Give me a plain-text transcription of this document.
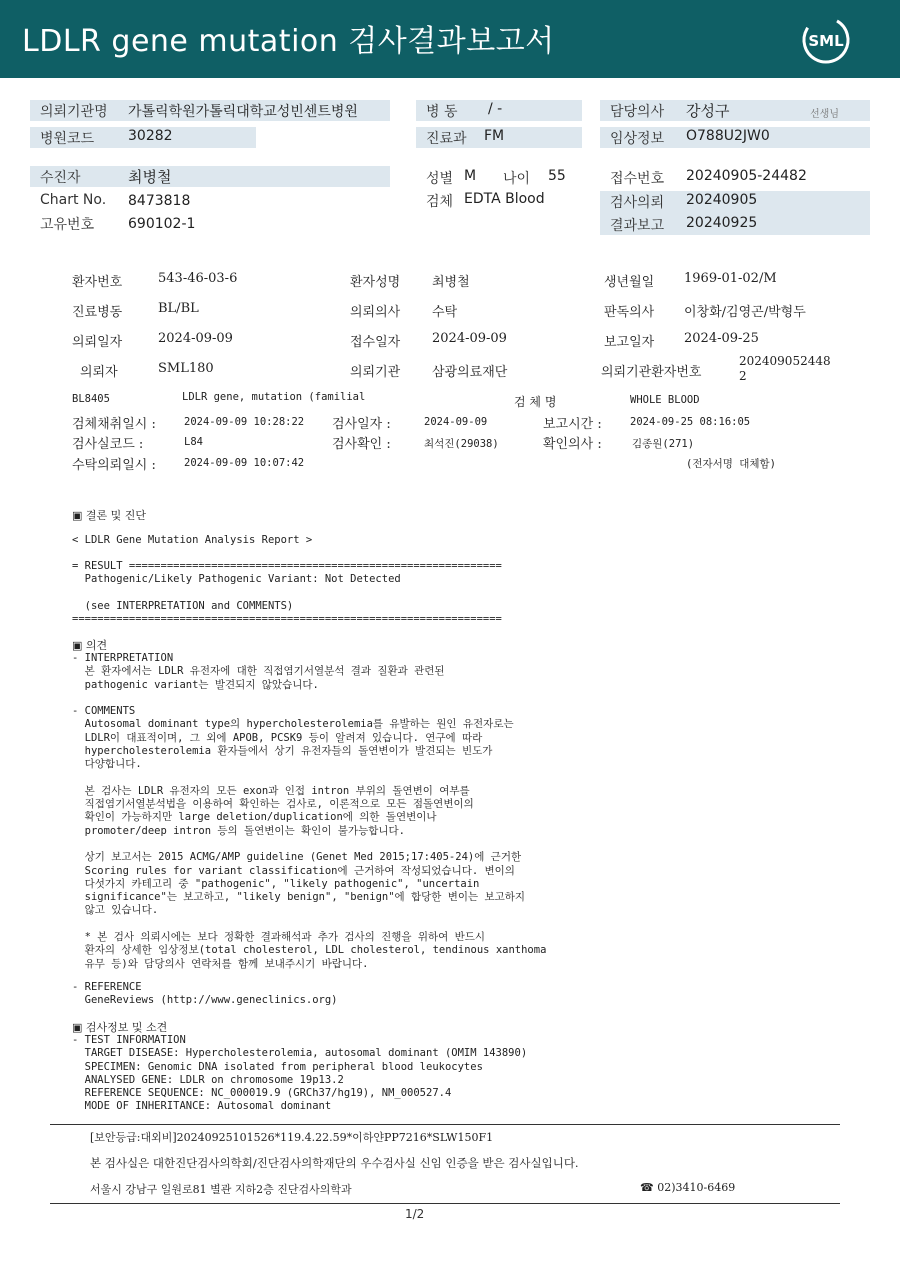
LDLR gene mutation 검사결과보고서	SML
의뢰기관명 가톨릭학원가톨릭대학교성빈센트병원
병원코드 30282
병 동 / -
진료과 FM
담당의사 강성구	선생님
임상정보 O788U2JW0
수진자	최병철
Chart No. 8473818
고유번호 690102-1
성별 M 나이 55
검체 EDTA Blood
접수번호 20240905-24482
검사의뢰 20240905
결과보고 20240925
환자번호	543-46-03-6	환자성명 최병철	생년월일 1969-01-02/M
진료병동	BL/BL	의뢰의사 수탁	판독의사 이창화/김영곤/박형두
의뢰일자	2024-09-09	접수일자 2024-09-09	보고일자 2024-09-25
의뢰자	SML180	의뢰기관 삼광의료재단	의뢰기관환자번호
202409052448
2
BL8405	LDLR gene, mutation (familial	검 체 명	WHOLE BLOOD
검체채취일시 :	2024-09-09 10:28:22 검사일자 :	2024-09-09	보고시간 :	2024-09-25 08:16:05
검사실코드 :	L84	검사확인 :	최석진(29038)	확인의사 :	김종원(271)
수탁의뢰일시 :	2024-09-09 10:07:42	(전자서명 대체함)
▣ 결론 및 진단
< LDLR Gene Mutation Analysis Report >
= RESULT ===========================================================
Pathogenic/Likely Pathogenic Variant: Not Detected

(see INTERPRETATION and COMMENTS)
====================================================================
▣ 의견
- INTERPRETATION
본 환자에서는 LDLR 유전자에 대한 직접염기서열분석 결과 질환과 관련된
pathogenic variant는 발견되지 않았습니다.
- COMMENTS
Autosomal dominant type의 hypercholesterolemia를 유발하는 원인 유전자로는
LDLR이 대표적이며, 그 외에 APOB, PCSK9 등이 알려져 있습니다. 연구에 따라
hypercholesterolemia 환자들에서 상기 유전자들의 돌연변이가 발견되는 빈도가
다양합니다.

본 검사는 LDLR 유전자의 모든 exon과 인접 intron 부위의 돌연변이 여부를
직접염기서열분석법을 이용하여 확인하는 검사로, 이론적으로 모든 점돌연변이의
확인이 가능하지만 large deletion/duplication에 의한 돌연변이나
promoter/deep intron 등의 돌연변이는 확인이 불가능합니다.

상기 보고서는 2015 ACMG/AMP guideline (Genet Med 2015;17:405-24)에 근거한
Scoring rules for variant classification에 근거하여 작성되었습니다. 변이의
다섯가지 카테고리 중 "pathogenic", "likely pathogenic", "uncertain
significance"는 보고하고, "likely benign", "benign"에 합당한 변이는 보고하지
않고 있습니다.

* 본 검사 의뢰시에는 보다 정확한 결과해석과 추가 검사의 진행을 위하여 반드시
환자의 상세한 임상정보(total cholesterol, LDL cholesterol, tendinous xanthoma
유무 등)와 담당의사 연락처를 함께 보내주시기 바랍니다.
- REFERENCE
GeneReviews (http://www.geneclinics.org)
▣ 검사정보 및 소견
- TEST INFORMATION
TARGET DISEASE: Hypercholesterolemia, autosomal dominant (OMIM 143890)
SPECIMEN: Genomic DNA isolated from peripheral blood leukocytes
ANALYSED GENE: LDLR on chromosome 19p13.2
REFERENCE SEQUENCE: NC_000019.9 (GRCh37/hg19), NM_000527.4
MODE OF INHERITANCE: Autosomal dominant
[보안등급:대외비]20240925101526*119.4.22.59*이하얀PP7216*SLW150F1
본 검사실은 대한진단검사의학회/진단검사의학재단의 우수검사실 신임 인증을 받은 검사실입니다.
서울시 강남구 일원로81 별관 지하2층 진단검사의학과	☎ 02)3410-6469
1/2
